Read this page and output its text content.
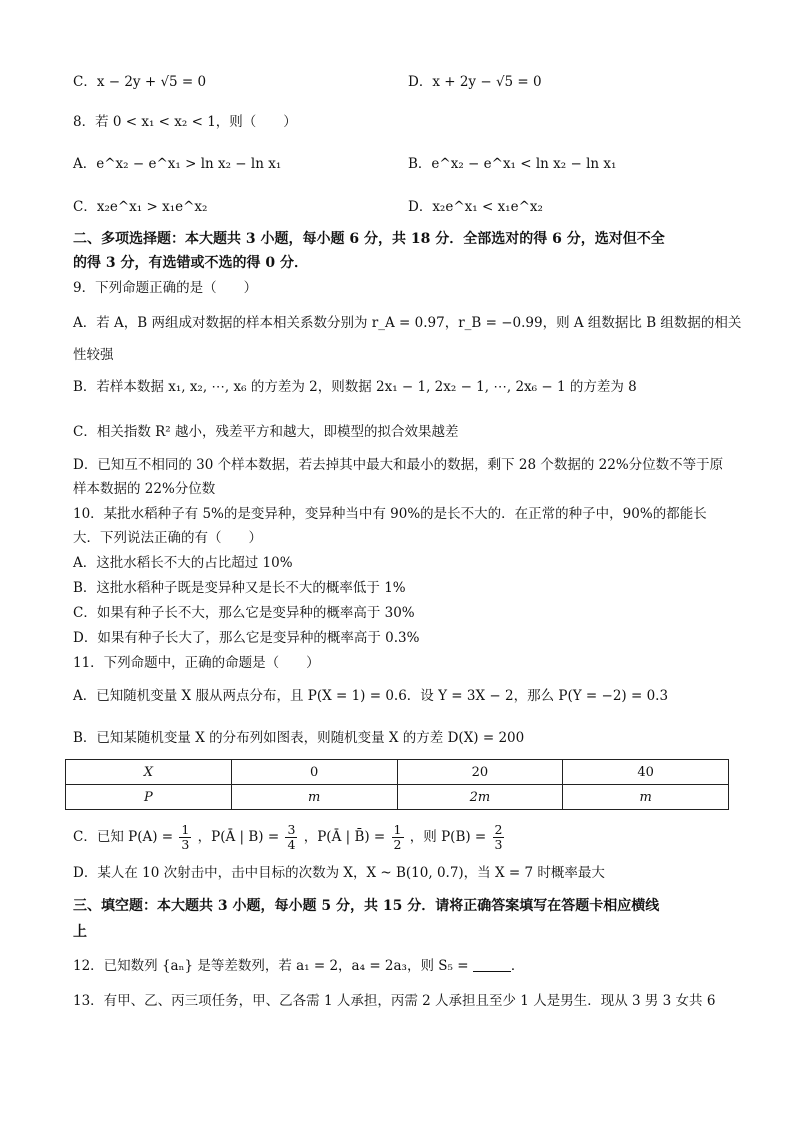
C．x − 2y + √5 = 0	D．x + 2y − √5 = 0
8．若 0 < x₁ < x₂ < 1，则（　　）
A．e^x₂ − e^x₁ > ln x₂ − ln x₁	B．e^x₂ − e^x₁ < ln x₂ − ln x₁
C．x₂e^x₁ > x₁e^x₂	D．x₂e^x₁ < x₁e^x₂
二、多项选择题：本大题共 3 小题，每小题 6 分，共 18 分．全部选对的得 6 分，选对但不全
的得 3 分，有选错或不选的得 0 分．
9．下列命题正确的是（　　）
A．若 A，B 两组成对数据的样本相关系数分别为 r_A = 0.97，r_B = −0.99，则 A 组数据比 B 组数据的相关
性较强
B．若样本数据 x₁, x₂, ⋯, x₆ 的方差为 2，则数据 2x₁ − 1, 2x₂ − 1, ⋯, 2x₆ − 1 的方差为 8
C．相关指数 R² 越小，残差平方和越大，即模型的拟合效果越差
D．已知互不相同的 30 个样本数据，若去掉其中最大和最小的数据，剩下 28 个数据的 22%分位数不等于原
样本数据的 22%分位数
10．某批水稻种子有 5%的是变异种，变异种当中有 90%的是长不大的．在正常的种子中，90%的都能长
大．下列说法正确的有（　　）
A．这批水稻长不大的占比超过 10%
B．这批水稻种子既是变异种又是长不大的概率低于 1%
C．如果有种子长不大，那么它是变异种的概率高于 30%
D．如果有种子长大了，那么它是变异种的概率高于 0.3%
11．下列命题中，正确的命题是（　　）
A．已知随机变量 X 服从两点分布，且 P(X = 1) = 0.6．设 Y = 3X − 2，那么 P(Y = −2) = 0.3
B．已知某随机变量 X 的分布列如图表，则随机变量 X 的方差 D(X) = 200
X	0	20	40
P	m	2m	m
C．已知 $P(A) = \frac{1}{3}$ ，P(Ā | $B) = \frac{3}{4}$ ，P(Ā | B̄) = $\frac{1}{2}$ ，则 $P(B) = \frac{2}{3}$
D．某人在 10 次射击中，击中目标的次数为 X，X ~ B(10, 0.7)，当 X = 7 时概率最大
三、填空题：本大题共 3 小题，每小题 5 分，共 15 分．请将正确答案填写在答题卡相应横线
上
12．已知数列 {aₙ} 是等差数列，若 a₁ = 2，a₄ = 2a₃，则 S₅ =	．
13．有甲、乙、丙三项任务，甲、乙各需 1 人承担，丙需 2 人承担且至少 1 人是男生．现从 3 男 3 女共 6
